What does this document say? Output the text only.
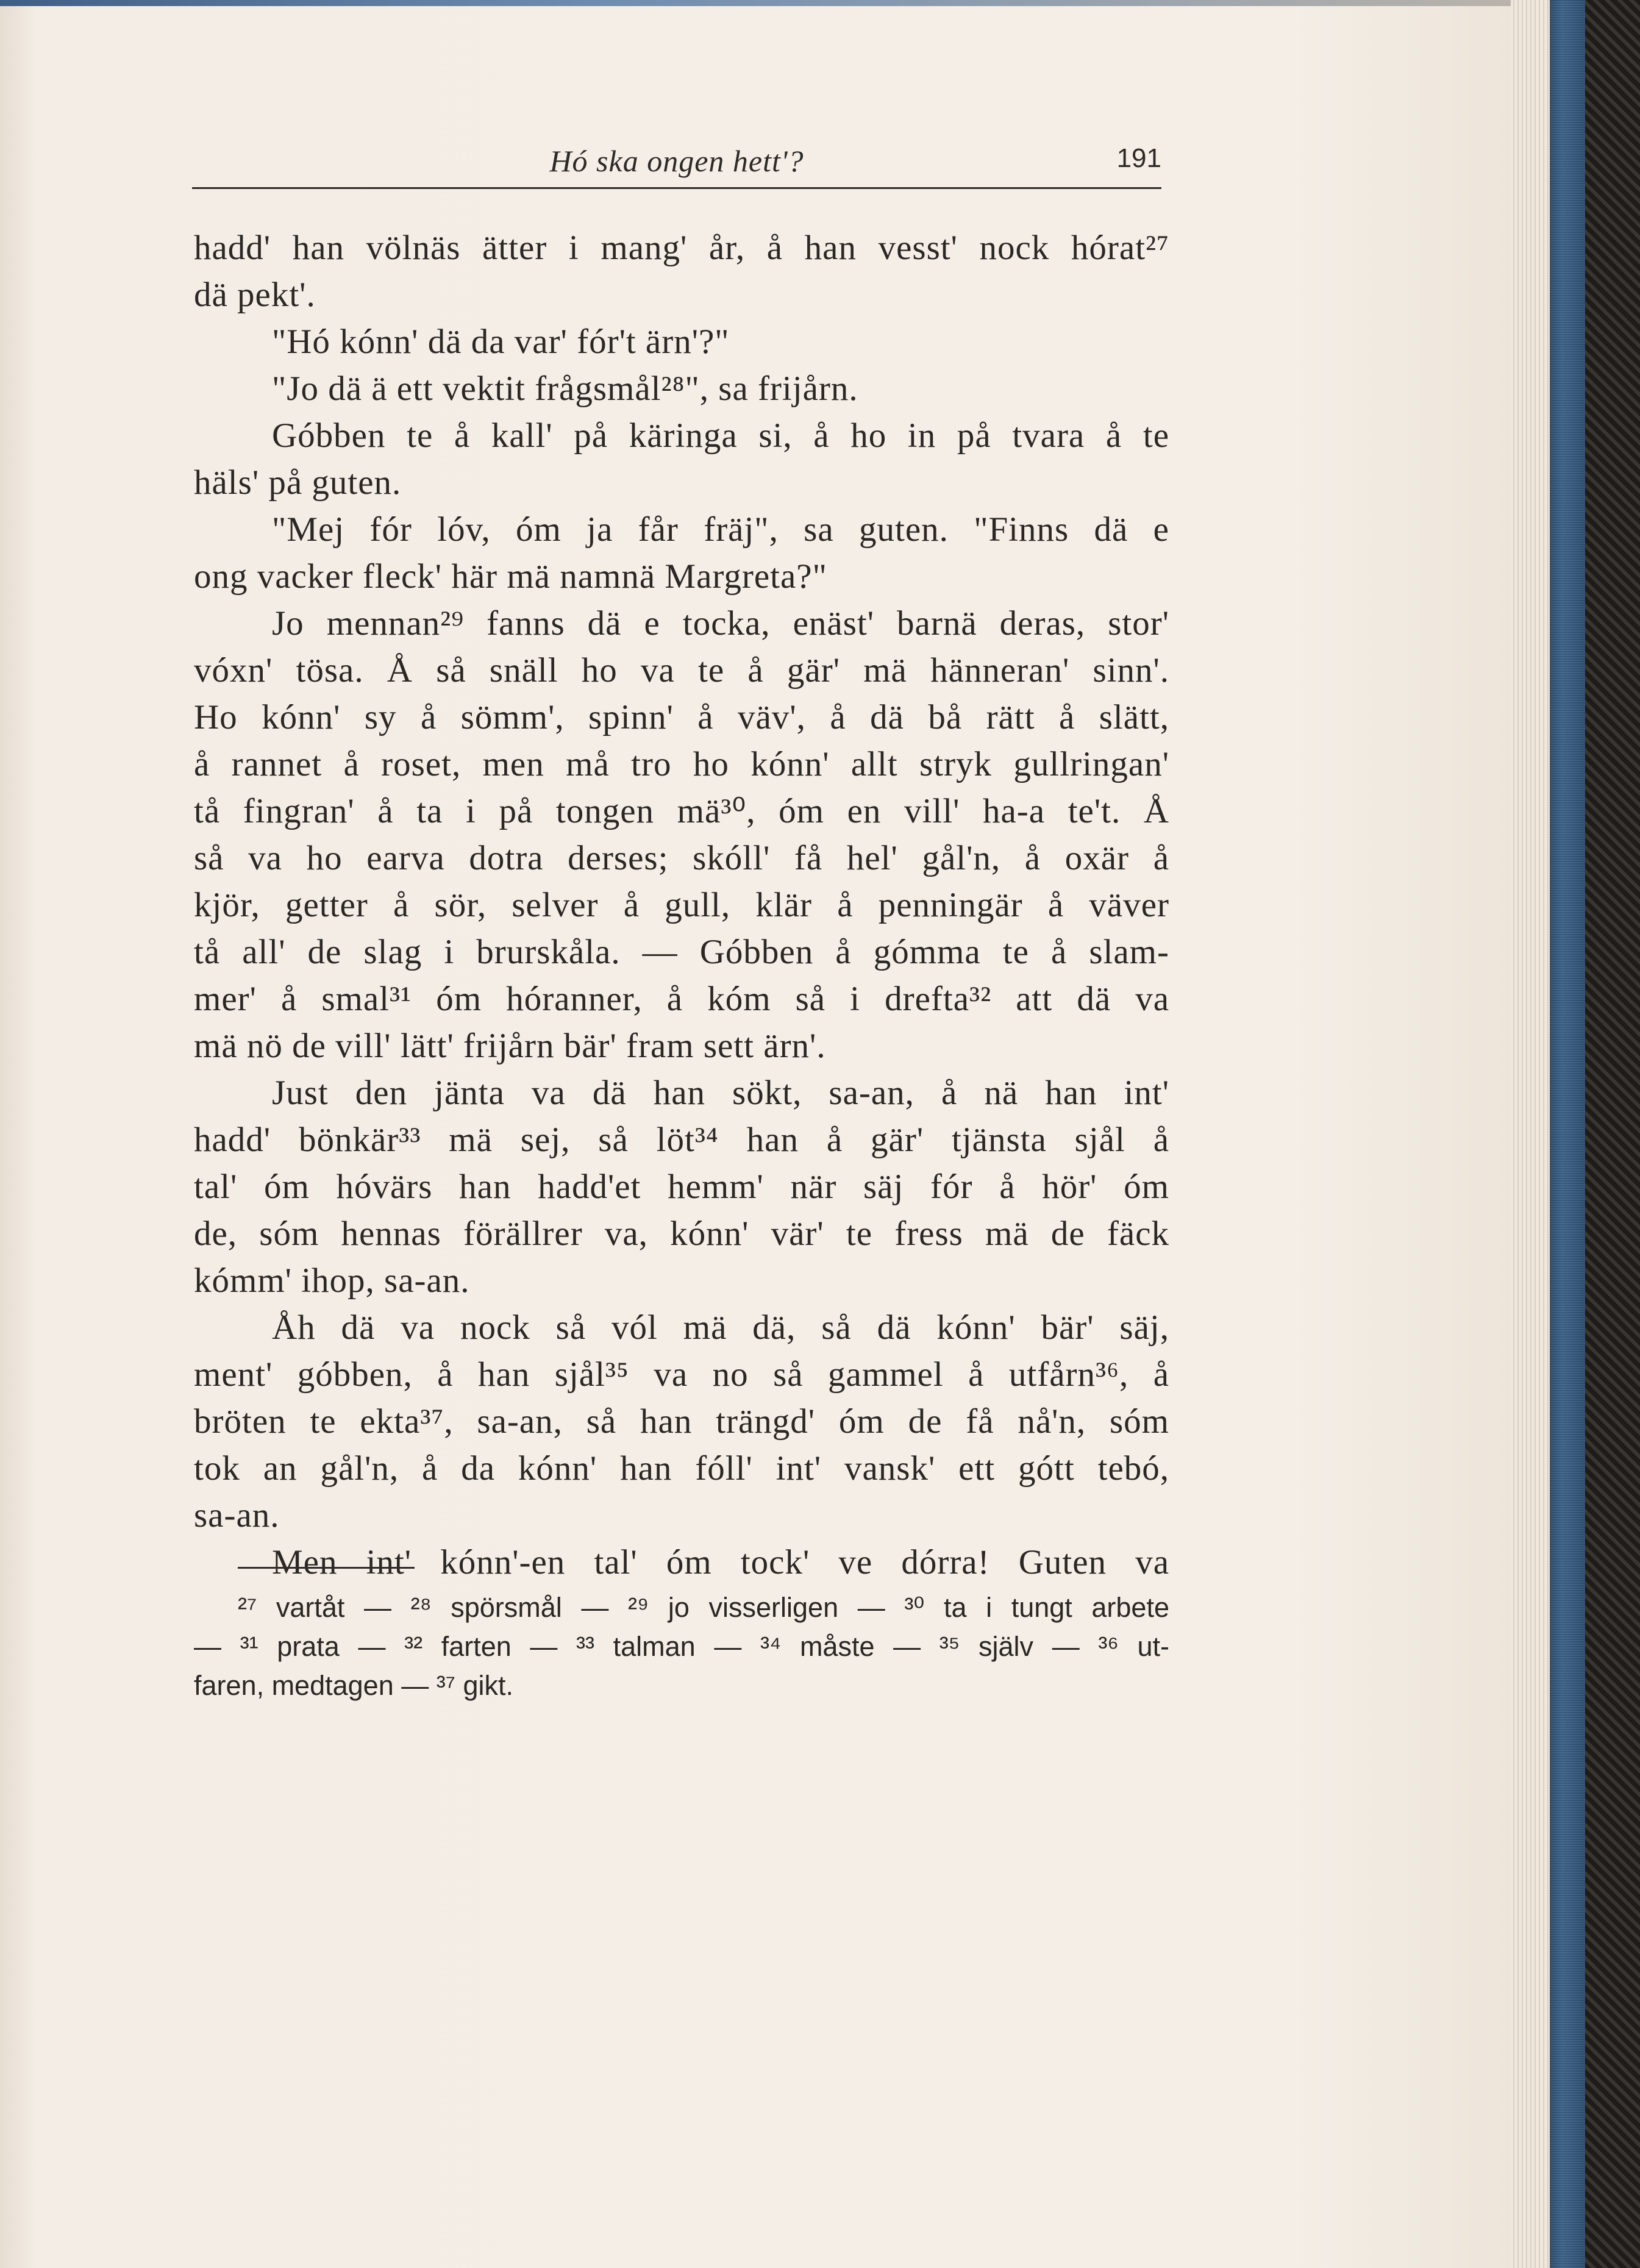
Hó ska ongen hett'?	191
hadd' han völnäs ätter i mang' år, å han vesst' nock hórat²⁷
dä pekt'.
"Hó kónn' dä da var' fór't ärn'?"
"Jo dä ä ett vektit frågsmål²⁸", sa frijårn.
Góbben te å kall' på käringa si, å ho in på tvara å te
häls' på guten.
"Mej fór lóv, óm ja får fräj", sa guten. "Finns dä e
ong vacker fleck' här mä namnä Margreta?"
Jo mennan²⁹ fanns dä e tocka, enäst' barnä deras, stor'
vóxn' tösa. Å så snäll ho va te å gär' mä hänneran' sinn'.
Ho kónn' sy å sömm', spinn' å väv', å dä bå rätt å slätt,
å rannet å roset, men må tro ho kónn' allt stryk gullringan'
tå fingran' å ta i på tongen mä³⁰, óm en vill' ha-a te't. Å
så va ho earva dotra derses; skóll' få hel' gål'n, å oxär å
kjör, getter å sör, selver å gull, klär å penningär å väver
tå all' de slag i brurskåla. — Góbben å gómma te å slam-
mer' å smal³¹ óm hóranner, å kóm så i drefta³² att dä va
mä nö de vill' lätt' frijårn bär' fram sett ärn'.
Just den jänta va dä han sökt, sa-an, å nä han int'
hadd' bönkär³³ mä sej, så löt³⁴ han å gär' tjänsta sjål å
tal' óm hóvärs han hadd'et hemm' när säj fór å hör' óm
de, sóm hennas förällrer va, kónn' vär' te fress mä de fäck
kómm' ihop, sa-an.
Åh dä va nock så vól mä dä, så dä kónn' bär' säj,
ment' góbben, å han sjål³⁵ va no så gammel å utfårn³⁶, å
bröten te ekta³⁷, sa-an, så han trängd' óm de få nå'n, sóm
tok an gål'n, å da kónn' han fóll' int' vansk' ett gótt tebó,
sa-an.
Men int' kónn'-en tal' óm tock' ve dórra! Guten va
²⁷ vartåt — ²⁸ spörsmål — ²⁹ jo visserligen — ³⁰ ta i tungt arbete
— ³¹ prata — ³² farten — ³³ talman — ³⁴ måste — ³⁵ själv — ³⁶ ut-
faren, medtagen — ³⁷ gikt.
